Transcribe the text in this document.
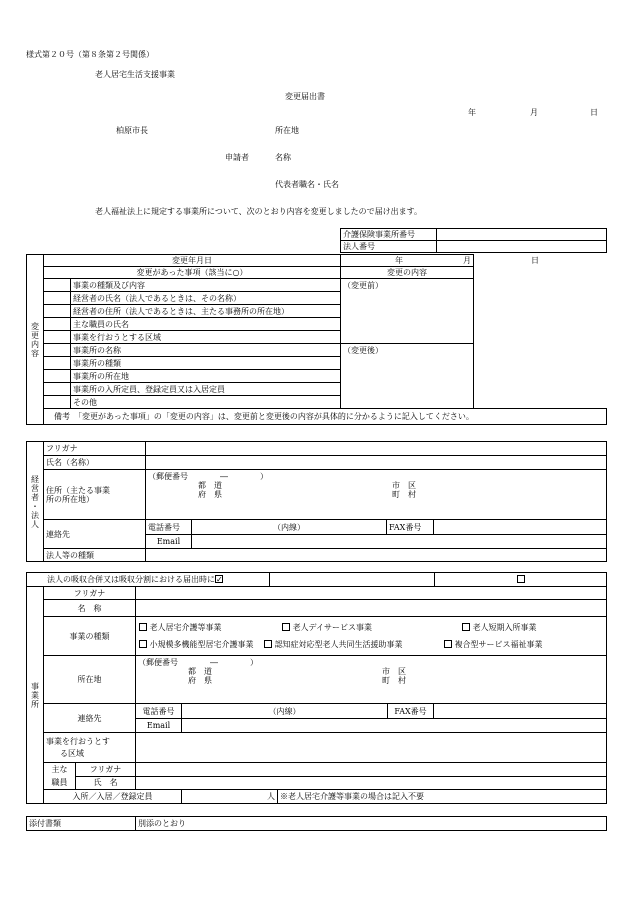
様式第２０号（第８条第２号関係）
老人居宅生活支援事業
変更届出書
年	月	日
柏原市長	所在地
申請者	名称
代表者職名・氏名
老人福祉法上に規定する事業所について、次のとおり内容を変更しましたので届け出ます。
介護保険事業所番号	
法人番号	
変更内容	変更年月日		年 月 日
	変更があった事項（該当に○）		変更の内容
		事業の種類及び内容	（変更前）
		経営者の氏名（法人であるときは、その名称）	
		経営者の住所（法人であるときは、主たる事務所の所在地）	
		主な職員の氏名	
		事業を行おうとする区域	
		事業所の名称	（変更後）
		事業所の種類	
		事業所の所在地	
		事業所の入所定員、登録定員又は入居定員	
		その他	
	備考　「変更があった事項」の「変更の内容」は、変更前と変更後の内容が具体的に分かるように記入してください。		
経営者・法人	フリガナ				
	氏名（名称）				

	住所（主たる事業
所の所在地）	（郵便番号　　　　―　　　　）
都　 道 市　 区
府　 県 町　 村			

	連絡先	電話番号	（内線）	FAX番号	
		Email			
	法人等の種類				
法人の吸収合併又は吸収分割における届出時に✓		
事業所	フリガナ						
	名　称						
	事業の種類		老人居宅介護等事業 老人デイサービス事業 老人短期入所事業
小規模多機能型居宅介護事業 認知症対応型老人共同生活援助事業 複合型サービス福祉事業				

	所在地		（郵便番号　　　　―　　　　）
都　 道 市　 区
府　 県 町　 村				

	連絡先		電話番号	（内線）		FAX番号	
			Email				

	事業を行おうとす
る区域						

	主な
職員	フリガナ					
		氏　名					
	入所／入居／登録定員			人	※老人居宅介護等事業の場合は記入不要		
添付書類	別添のとおり
